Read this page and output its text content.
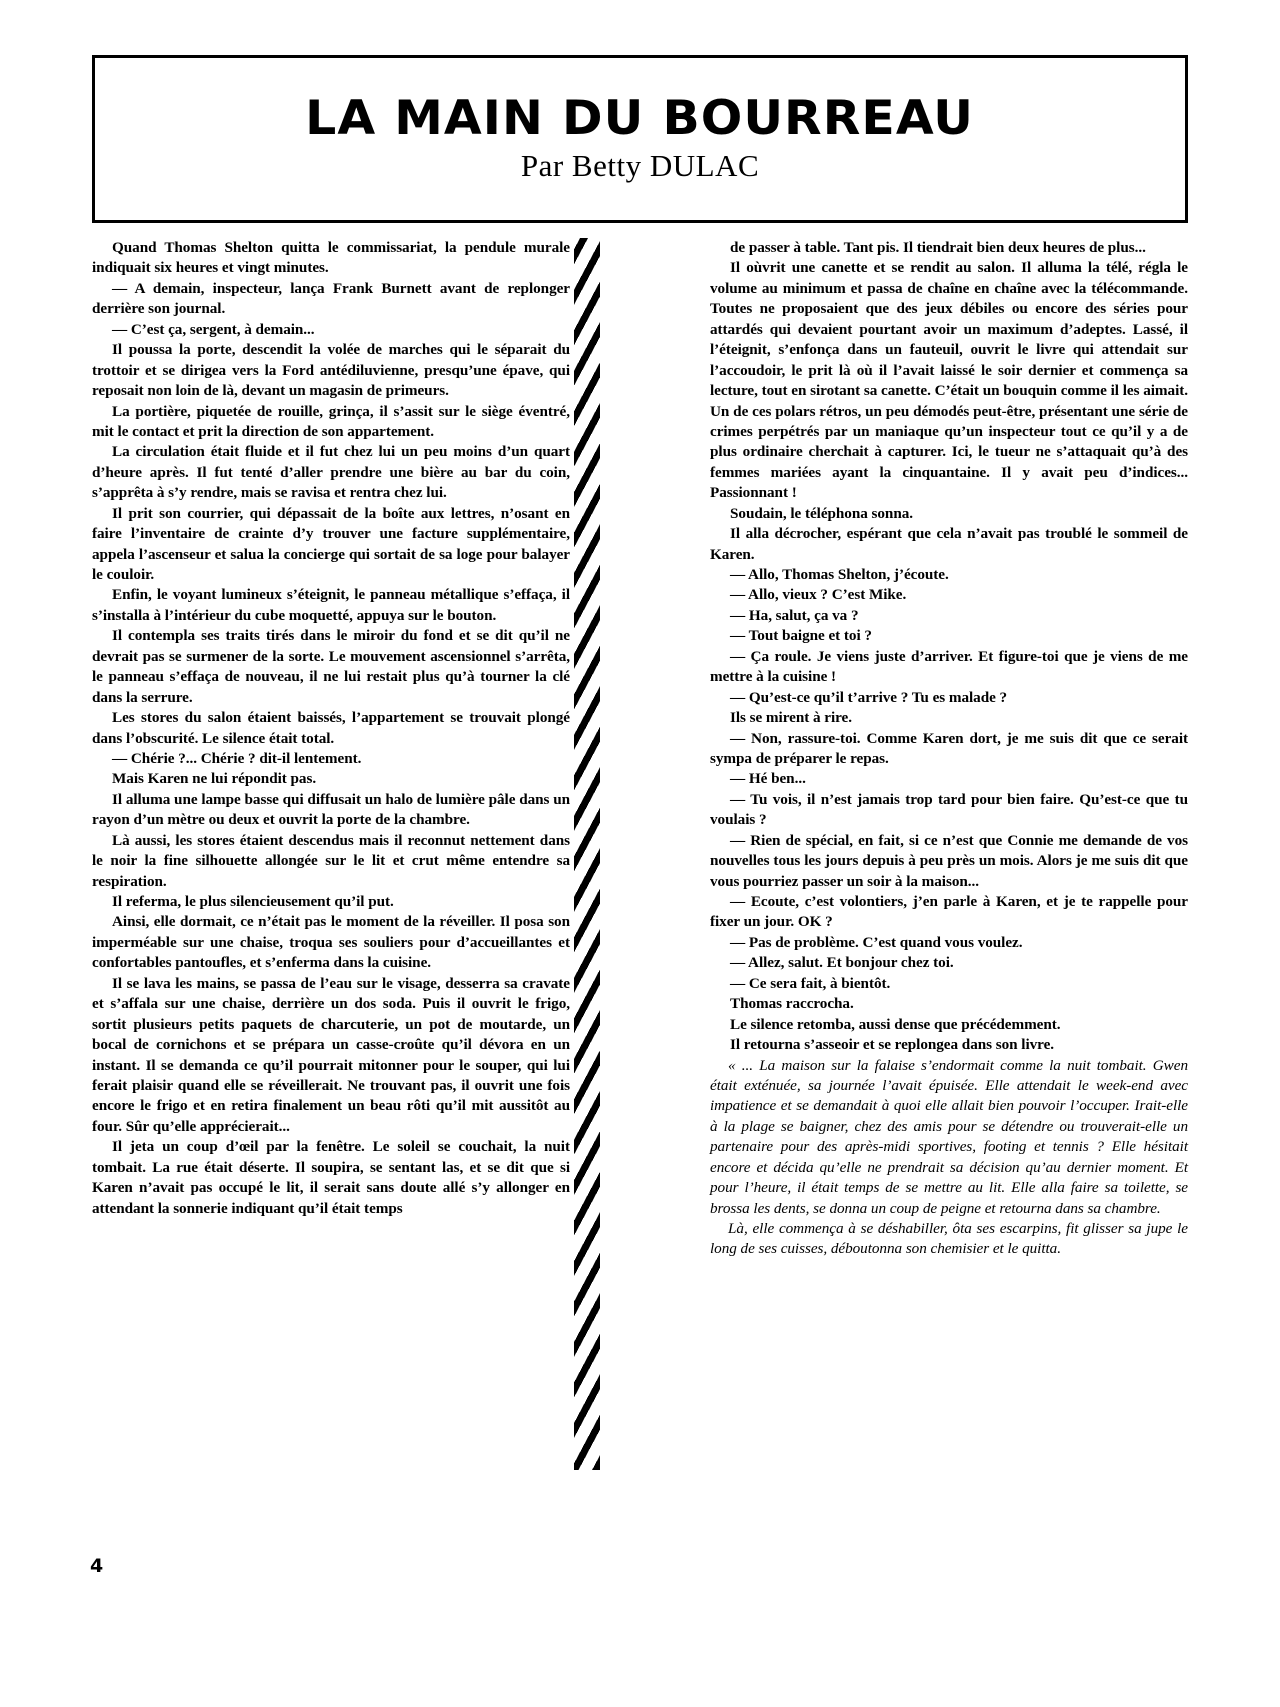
LA MAIN DU BOURREAU
Par Betty DULAC

Quand Thomas Shelton quitta le commissariat, la pendule murale indiquait six heures et vingt minutes.

— A demain, inspecteur, lança Frank Burnett avant de replonger derrière son journal.

— C’est ça, sergent, à demain...

Il poussa la porte, descendit la volée de marches qui le séparait du trottoir et se dirigea vers la Ford antédiluvienne, presqu’une épave, qui reposait non loin de là, devant un magasin de primeurs.

La portière, piquetée de rouille, grinça, il s’assit sur le siège éventré, mit le contact et prit la direction de son appartement.

La circulation était fluide et il fut chez lui un peu moins d’un quart d’heure après. Il fut tenté d’aller prendre une bière au bar du coin, s’apprêta à s’y rendre, mais se ravisa et rentra chez lui.

Il prit son courrier, qui dépassait de la boîte aux lettres, n’osant en faire l’inventaire de crainte d’y trouver une facture supplémentaire, appela l’ascenseur et salua la concierge qui sortait de sa loge pour balayer le couloir.

Enfin, le voyant lumineux s’éteignit, le panneau métallique s’effaça, il s’installa à l’intérieur du cube moquetté, appuya sur le bouton.

Il contempla ses traits tirés dans le miroir du fond et se dit qu’il ne devrait pas se surmener de la sorte. Le mouvement ascensionnel s’arrêta, le panneau s’effaça de nouveau, il ne lui restait plus qu’à tourner la clé dans la serrure.

Les stores du salon étaient baissés, l’appartement se trouvait plongé dans l’obscurité. Le silence était total.

— Chérie ?... Chérie ? dit-il lentement.

Mais Karen ne lui répondit pas.

Il alluma une lampe basse qui diffusait un halo de lumière pâle dans un rayon d’un mètre ou deux et ouvrit la porte de la chambre.

Là aussi, les stores étaient descendus mais il reconnut nettement dans le noir la fine silhouette allongée sur le lit et crut même entendre sa respiration.

Il referma, le plus silencieusement qu’il put.

Ainsi, elle dormait, ce n’était pas le moment de la réveiller. Il posa son imperméable sur une chaise, troqua ses souliers pour d’accueillantes et confortables pantoufles, et s’enferma dans la cuisine.

Il se lava les mains, se passa de l’eau sur le visage, desserra sa cravate et s’affala sur une chaise, derrière un dos soda. Puis il ouvrit le frigo, sortit plusieurs petits paquets de charcuterie, un pot de moutarde, un bocal de cornichons et se prépara un casse-croûte qu’il dévora en un instant. Il se demanda ce qu’il pourrait mitonner pour le souper, qui lui ferait plaisir quand elle se réveillerait. Ne trouvant pas, il ouvrit une fois encore le frigo et en retira finalement un beau rôti qu’il mit aussitôt au four. Sûr qu’elle apprécierait...

Il jeta un coup d’œil par la fenêtre. Le soleil se couchait, la nuit tombait. La rue était déserte. Il soupira, se sentant las, et se dit que si Karen n’avait pas occupé le lit, il serait sans doute allé s’y allonger en attendant la sonnerie indiquant qu’il était temps

de passer à table. Tant pis. Il tiendrait bien deux heures de plus...

Il oùvrit une canette et se rendit au salon. Il alluma la télé, régla le volume au minimum et passa de chaîne en chaîne avec la télécommande. Toutes ne proposaient que des jeux débiles ou encore des séries pour attardés qui devaient pourtant avoir un maximum d’adeptes. Lassé, il l’éteignit, s’enfonça dans un fauteuil, ouvrit le livre qui attendait sur l’accoudoir, le prit là où il l’avait laissé le soir dernier et commença sa lecture, tout en sirotant sa canette. C’était un bouquin comme il les aimait. Un de ces polars rétros, un peu démodés peut-être, présentant une série de crimes perpétrés par un maniaque qu’un inspecteur tout ce qu’il y a de plus ordinaire cherchait à capturer. Ici, le tueur ne s’attaquait qu’à des femmes mariées ayant la cinquantaine. Il y avait peu d’indices... Passionnant !

Soudain, le téléphona sonna.

Il alla décrocher, espérant que cela n’avait pas troublé le sommeil de Karen.

— Allo, Thomas Shelton, j’écoute.

— Allo, vieux ? C’est Mike.

— Ha, salut, ça va ?

— Tout baigne et toi ?

— Ça roule. Je viens juste d’arriver. Et figure-toi que je viens de me mettre à la cuisine !

— Qu’est-ce qu’il t’arrive ? Tu es malade ?

Ils se mirent à rire.

— Non, rassure-toi. Comme Karen dort, je me suis dit que ce serait sympa de préparer le repas.

— Hé ben...

— Tu vois, il n’est jamais trop tard pour bien faire. Qu’est-ce que tu voulais ?

— Rien de spécial, en fait, si ce n’est que Connie me demande de vos nouvelles tous les jours depuis à peu près un mois. Alors je me suis dit que vous pourriez passer un soir à la maison...

— Ecoute, c’est volontiers, j’en parle à Karen, et je te rappelle pour fixer un jour. OK ?

— Pas de problème. C’est quand vous voulez.

— Allez, salut. Et bonjour chez toi.

— Ce sera fait, à bientôt.

Thomas raccrocha.

Le silence retomba, aussi dense que précédemment.

Il retourna s’asseoir et se replongea dans son livre.

« ... La maison sur la falaise s’endormait comme la nuit tombait. Gwen était exténuée, sa journée l’avait épuisée. Elle attendait le week-end avec impatience et se demandait à quoi elle allait bien pouvoir l’occuper. Irait-elle à la plage se baigner, chez des amis pour se détendre ou trouverait-elle un partenaire pour des après-midi sportives, footing et tennis ? Elle hésitait encore et décida qu’elle ne prendrait sa décision qu’au dernier moment. Et pour l’heure, il était temps de se mettre au lit. Elle alla faire sa toilette, se brossa les dents, se donna un coup de peigne et retourna dans sa chambre.

Là, elle commença à se déshabiller, ôta ses escarpins, fit glisser sa jupe le long de ses cuisses, déboutonna son chemisier et le quitta.

4
